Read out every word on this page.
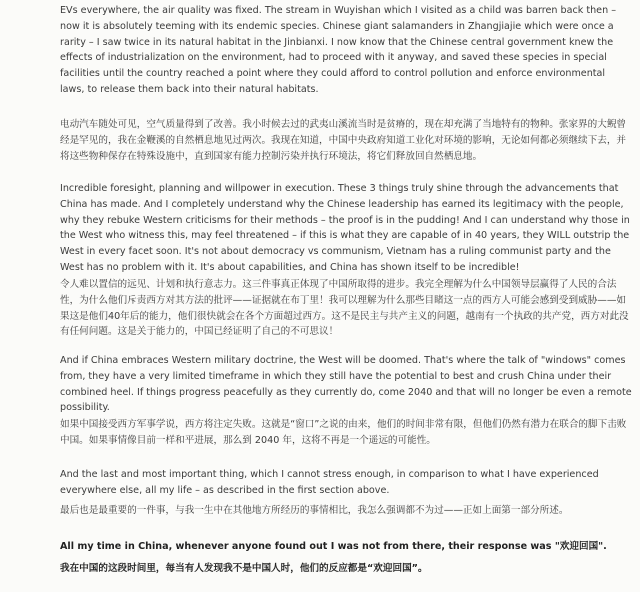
EVs everywhere, the air quality was fixed. The stream in Wuyishan which I visited as a child was barren back then – now it is absolutely teeming with its endemic species. Chinese giant salamanders in Zhangjiajie which were once a rarity – I saw twice in its natural habitat in the Jinbianxi. I now know that the Chinese central government knew the effects of industrialization on the environment, had to proceed with it anyway, and saved these species in special facilities until the country reached a point where they could afford to control pollution and enforce environmental laws, to release them back into their natural habitats.

电动汽车随处可见，空气质量得到了改善。我小时候去过的武夷山溪流当时是贫瘠的，现在却充满了当地特有的物种。张家界的大鲵曾经是罕见的，我在金鞭溪的自然栖息地见过两次。我现在知道，中国中央政府知道工业化对环境的影响，无论如何都必须继续下去，并将这些物种保存在特殊设施中，直到国家有能力控制污染并执行环境法，将它们释放回自然栖息地。

Incredible foresight, planning and willpower in execution. These 3 things truly shine through the advancements that China has made. And I completely understand why the Chinese leadership has earned its legitimacy with the people, why they rebuke Western criticisms for their methods – the proof is in the pudding! And I can understand why those in the West who witness this, may feel threatened – if this is what they are capable of in 40 years, they WILL outstrip the West in every facet soon. It's not about democracy vs communism, Vietnam has a ruling communist party and the West has no problem with it. It's about capabilities, and China has shown itself to be incredible!

令人难以置信的远见、计划和执行意志力。这三件事真正体现了中国所取得的进步。我完全理解为什么中国领导层赢得了人民的合法性，为什么他们斥责西方对其方法的批评——证据就在布丁里！我可以理解为什么那些目睹这一点的西方人可能会感到受到威胁——如果这是他们40年后的能力，他们很快就会在各个方面超过西方。这不是民主与共产主义的问题，越南有一个执政的共产党，西方对此没有任何问题。这是关于能力的，中国已经证明了自己的不可思议！

And if China embraces Western military doctrine, the West will be doomed. That's where the talk of "windows" comes from, they have a very limited timeframe in which they still have the potential to best and crush China under their combined heel. If things progress peacefully as they currently do, come 2040 and that will no longer be even a remote possibility.

如果中国接受西方军事学说，西方将注定失败。这就是“窗口”之说的由来，他们的时间非常有限，但他们仍然有潜力在联合的脚下击败中国。如果事情像目前一样和平进展，那么到 2040 年，这将不再是一个遥远的可能性。

And the last and most important thing, which I cannot stress enough, in comparison to what I have experienced everywhere else, all my life – as described in the first section above.

最后也是最重要的一件事，与我一生中在其他地方所经历的事情相比，我怎么强调都不为过——正如上面第一部分所述。

All my time in China, whenever anyone found out I was not from there, their response was "欢迎回国".

我在中国的这段时间里，每当有人发现我不是中国人时，他们的反应都是“欢迎回国”。
